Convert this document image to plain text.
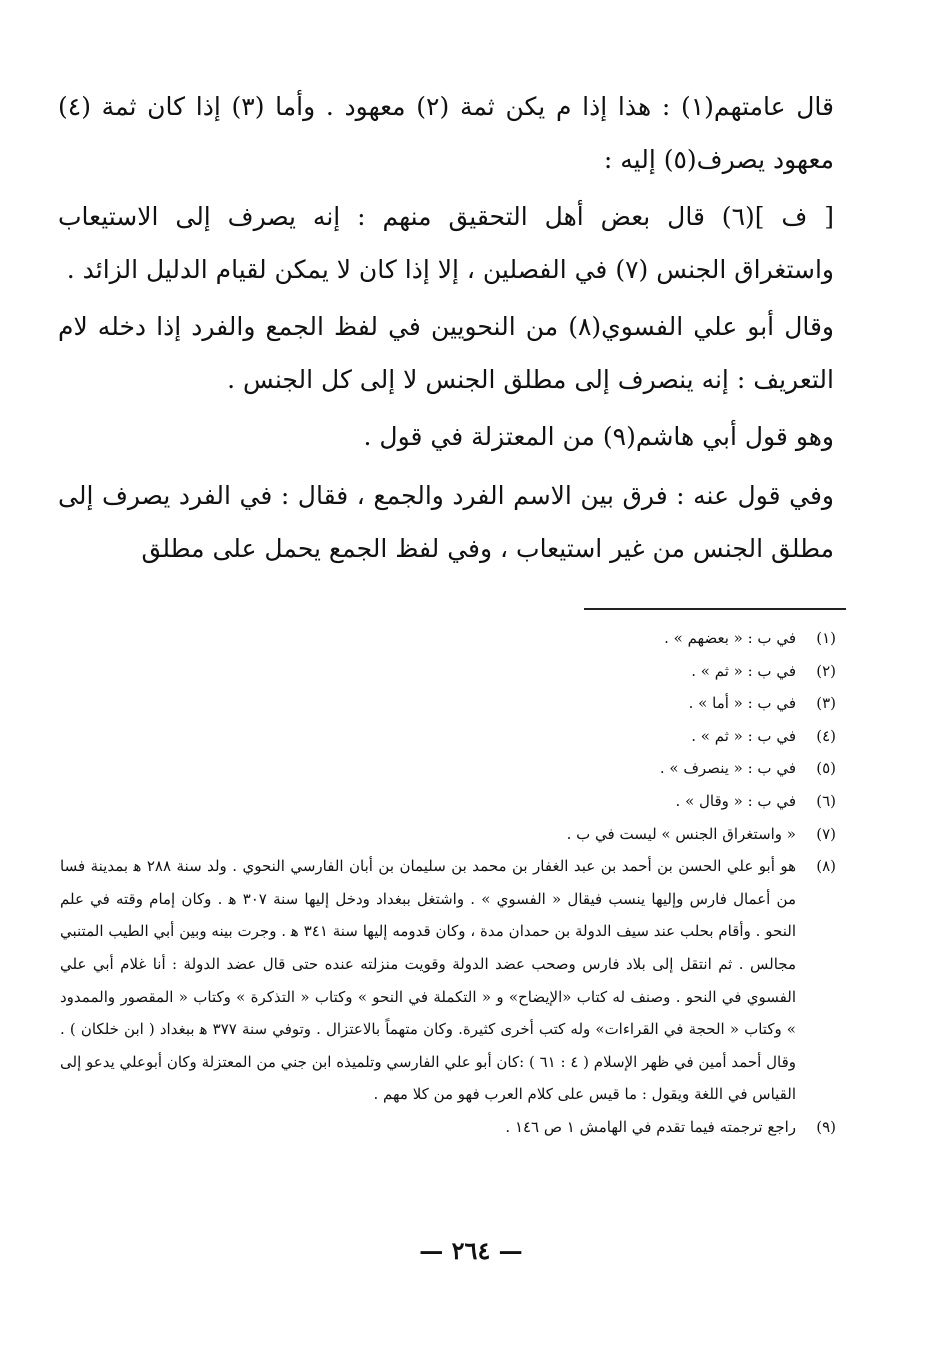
قال عامتهم(١) : هذا إذا م يكن ثمة (٢) معهود . وأما (٣) إذا كان ثمة (٤) معهود يصرف(٥) إليه :

[ ف ](٦) قال بعض أهل التحقيق منهم : إنه يصرف إلى الاستيعاب واستغراق الجنس (٧) في الفصلين ، إلا إذا كان لا يمكن لقيام الدليل الزائد .

وقال أبو علي الفسوي(٨) من النحويين في لفظ الجمع والفرد إذا دخله لام التعريف : إنه ينصرف إلى مطلق الجنس لا إلى كل الجنس .

وهو قول أبي هاشم(٩) من المعتزلة في قول .

وفي قول عنه : فرق بين الاسم الفرد والجمع ، فقال : في الفرد يصرف إلى مطلق الجنس من غير استيعاب ، وفي لفظ الجمع يحمل على مطلق

(١)
في ب : « بعضهم » .
(٢)
في ب : « ثم » .
(٣)
في ب : « أما » .
(٤)
في ب : « ثم » .
(٥)
في ب : « ينصرف » .
(٦)
في ب : « وقال » .
(٧)
« واستغراق الجنس » ليست في ب .
(٨)
هو أبو علي الحسن بن أحمد بن عبد الغفار بن محمد بن سليمان بن أبان الفارسي النحوي . ولد سنة ٢٨٨ ﻫ بمدينة فسا من أعمال فارس وإليها ينسب فيقال « الفسوي » . واشتغل ببغداد ودخل إليها سنة ٣٠٧ ﻫ . وكان إمام وقته في علم النحو . وأقام بحلب عند سيف الدولة بن حمدان مدة ، وكان قدومه إليها سنة ٣٤١ ﻫ . وجرت بينه وبين أبي الطيب المتنبي مجالس . ثم انتقل إلى بلاد فارس وصحب عضد الدولة وقويت منزلته عنده حتى قال عضد الدولة : أنا غلام أبي علي الفسوي في النحو . وصنف له كتاب «الإيضاح» و « التكملة في النحو » وكتاب « التذكرة » وكتاب « المقصور والممدود » وكتاب « الحجة في القراءات» وله كتب أخرى كثيرة. وكان متهماً بالاعتزال . وتوفي سنة ٣٧٧ ﻫ ببغداد ( ابن خلكان ) . وقال أحمد أمين في ظهر الإسلام ( ٤ : ٦١ ) :كان أبو علي الفارسي وتلميذه ابن جني من المعتزلة وكان أبوعلي يدعو إلى القياس في اللغة ويقول : ما قيس على كلام العرب فهو من كلا مهم .
(٩)
راجع ترجمته فيما تقدم في الهامش ١ ص ١٤٦ .
— ٢٦٤ —
